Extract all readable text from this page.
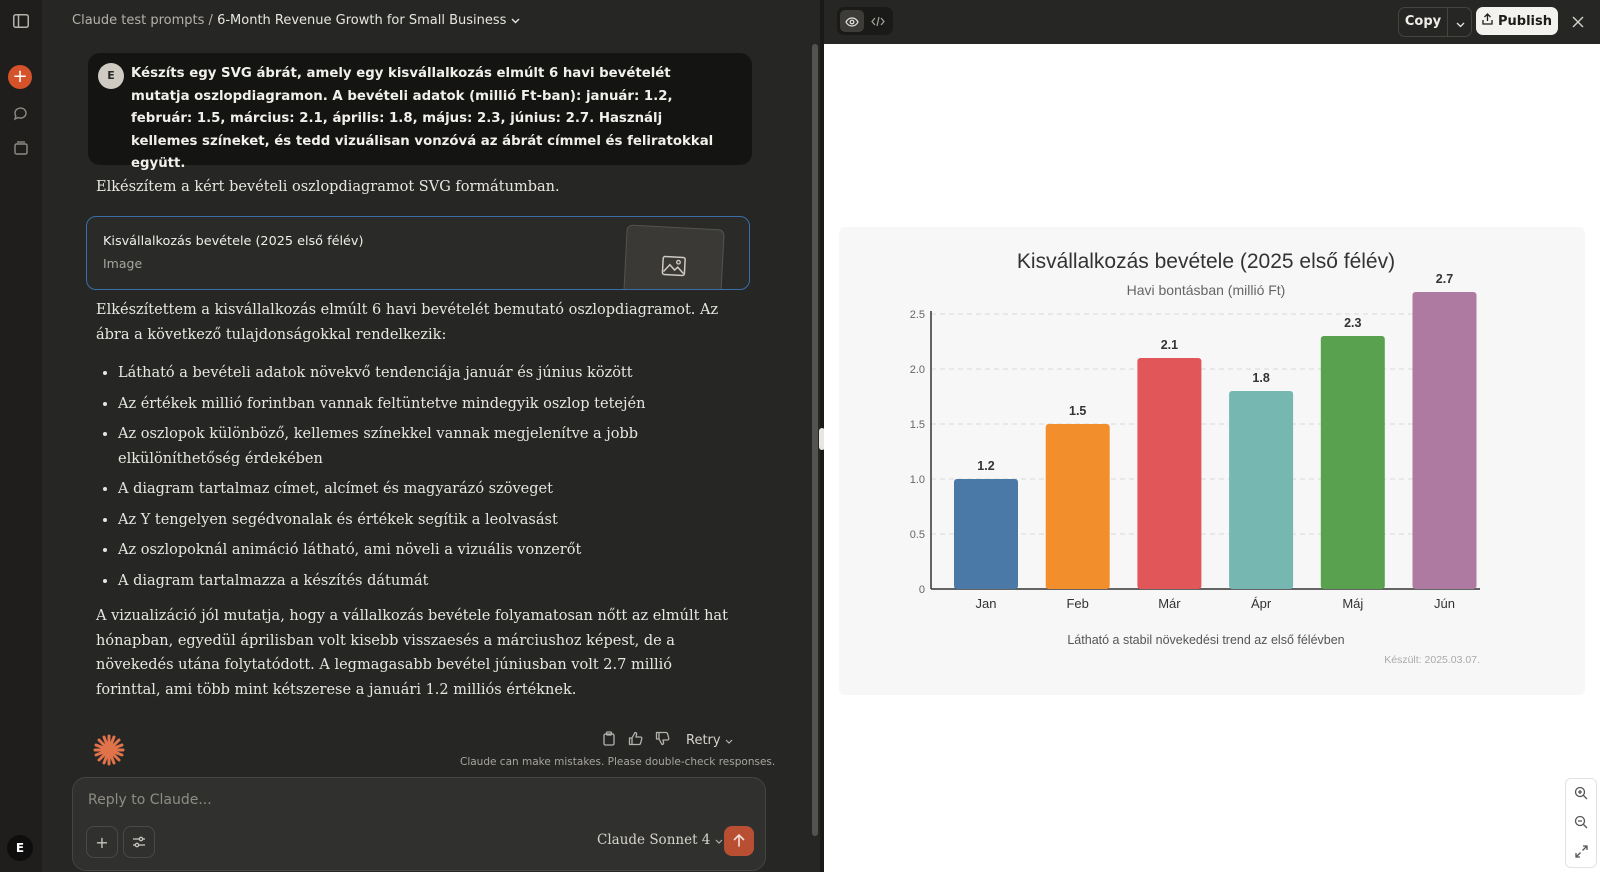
+
E
Claude test prompts / 6-Month Revenue Growth for Small Business
E	Készíts egy SVG ábrát, amely egy kisvállalkozás elmúlt 6 havi bevételét mutatja oszlopdiagramon. A bevételi adatok (millió Ft-ban): január: 1.2, február: 1.5, március: 2.1, április: 1.8, május: 2.3, június: 2.7. Használj kellemes színeket, és tedd vizuálisan vonzóvá az ábrát címmel és feliratokkal együtt.
Elkészítem a kért bevételi oszlopdiagramot SVG formátumban.
Kisvállalkozás bevétele (2025 első félév)
Image
Elkészítettem a kisvállalkozás elmúlt 6 havi bevételét bemutató oszlopdiagramot. Az ábra a következő tulajdonságokkal rendelkezik:
• Látható a bevételi adatok növekvő tendenciája január és június között
• Az értékek millió forintban vannak feltüntetve mindegyik oszlop tetején
• Az oszlopok különböző, kellemes színekkel vannak megjelenítve a jobb elkülöníthetőség érdekében
• A diagram tartalmaz címet, alcímet és magyarázó szöveget
• Az Y tengelyen segédvonalak és értékek segítik a leolvasást
• Az oszlopoknál animáció látható, ami növeli a vizuális vonzerőt
• A diagram tartalmazza a készítés dátumát
A vizualizáció jól mutatja, hogy a vállalkozás bevétele folyamatosan nőtt az elmúlt hat hónapban, egyedül áprilisban volt kisebb visszaesés a márciushoz képest, de a növekedés utána folytatódott. A legmagasabb bevétel júniusban volt 2.7 millió forinttal, ami több mint kétszerese a januári 1.2 milliós értéknek.
Retry
Claude can make mistakes. Please double-check responses.
Reply to Claude...
+	Claude Sonnet 4
Copy	Publish
Kisvállalkozás bevétele (2025 első félév)
Havi bontásban (millió Ft)
0
0.5
1.0
1.5
2.0
2.5
1.2
Jan
1.5
Feb
2.1
Már
1.8
Ápr
2.3
Máj
2.7
Jún
Látható a stabil növekedési trend az első félévben
Készült: 2025.03.07.
